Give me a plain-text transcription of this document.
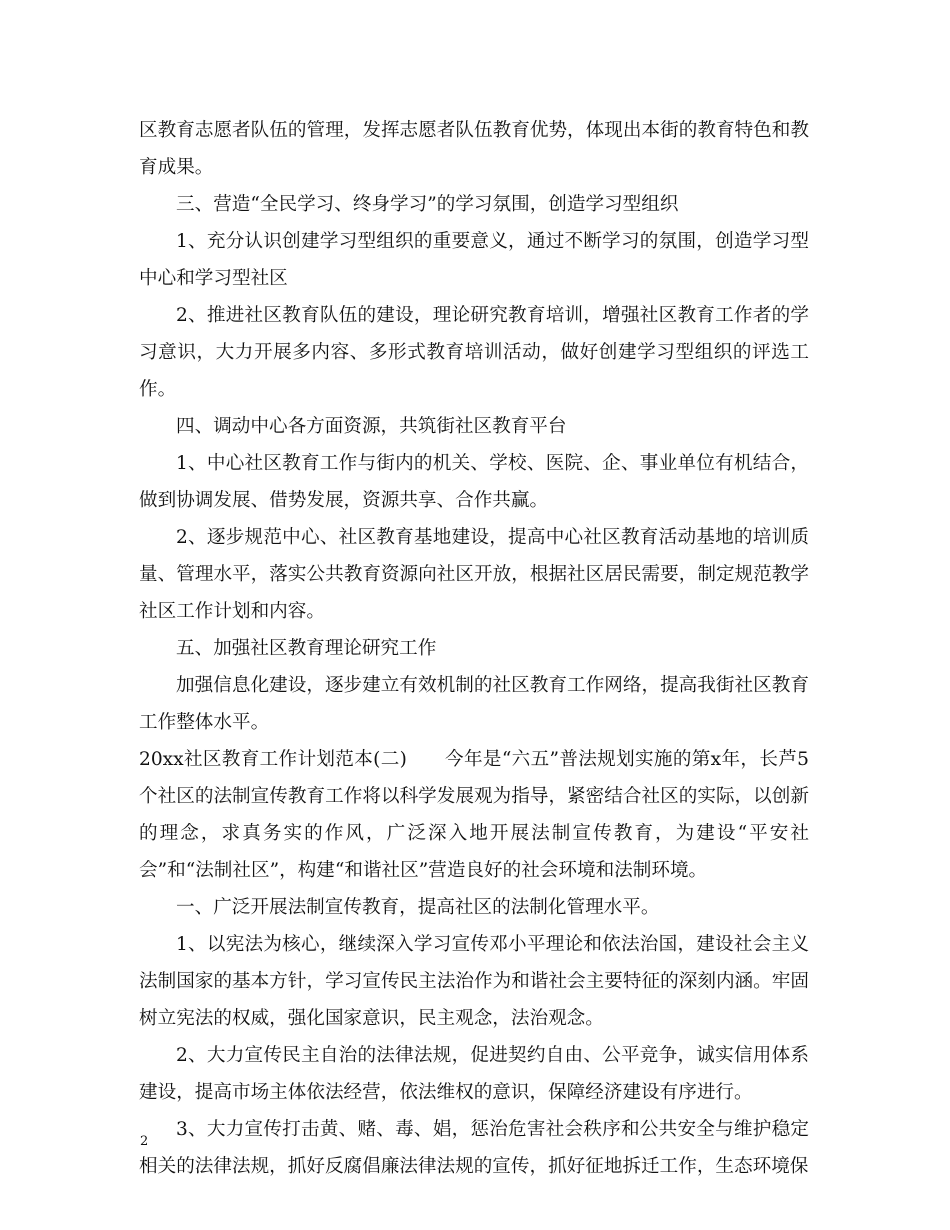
区教育志愿者队伍的管理，发挥志愿者队伍教育优势，体现出本街的教育特色和教育成果。

三、营造“全民学习、终身学习”的学习氛围，创造学习型组织

1、充分认识创建学习型组织的重要意义，通过不断学习的氛围，创造学习型中心和学习型社区

2、推进社区教育队伍的建设，理论研究教育培训，增强社区教育工作者的学习意识，大力开展多内容、多形式教育培训活动，做好创建学习型组织的评选工作。

四、调动中心各方面资源，共筑街社区教育平台

1、中心社区教育工作与街内的机关、学校、医院、企、事业单位有机结合，做到协调发展、借势发展，资源共享、合作共赢。

2、逐步规范中心、社区教育基地建设，提高中心社区教育活动基地的培训质量、管理水平，落实公共教育资源向社区开放，根据社区居民需要，制定规范教学社区工作计划和内容。

五、加强社区教育理论研究工作

加强信息化建设，逐步建立有效机制的社区教育工作网络，提高我街社区教育工作整体水平。

20xx社区教育工作计划范本(二)　　今年是“六五”普法规划实施的第x年，长芦5个社区的法制宣传教育工作将以科学发展观为指导，紧密结合社区的实际，以创新的理念，求真务实的作风，广泛深入地开展法制宣传教育，为建设“平安社会”和“法制社区”，构建“和谐社区”营造良好的社会环境和法制环境。

一、广泛开展法制宣传教育，提高社区的法制化管理水平。

1、以宪法为核心，继续深入学习宣传邓小平理论和依法治国，建设社会主义法制国家的基本方针，学习宣传民主法治作为和谐社会主要特征的深刻内涵。牢固树立宪法的权威，强化国家意识，民主观念，法治观念。

2、大力宣传民主自治的法律法规，促进契约自由、公平竞争，诚实信用体系建设，提高市场主体依法经营，依法维权的意识，保障经济建设有序进行。

3、大力宣传打击黄、赌、毒、娼，惩治危害社会秩序和公共安全与维护稳定相关的法律法规，抓好反腐倡廉法律法规的宣传，抓好征地拆迁工作，生态环境保

2
